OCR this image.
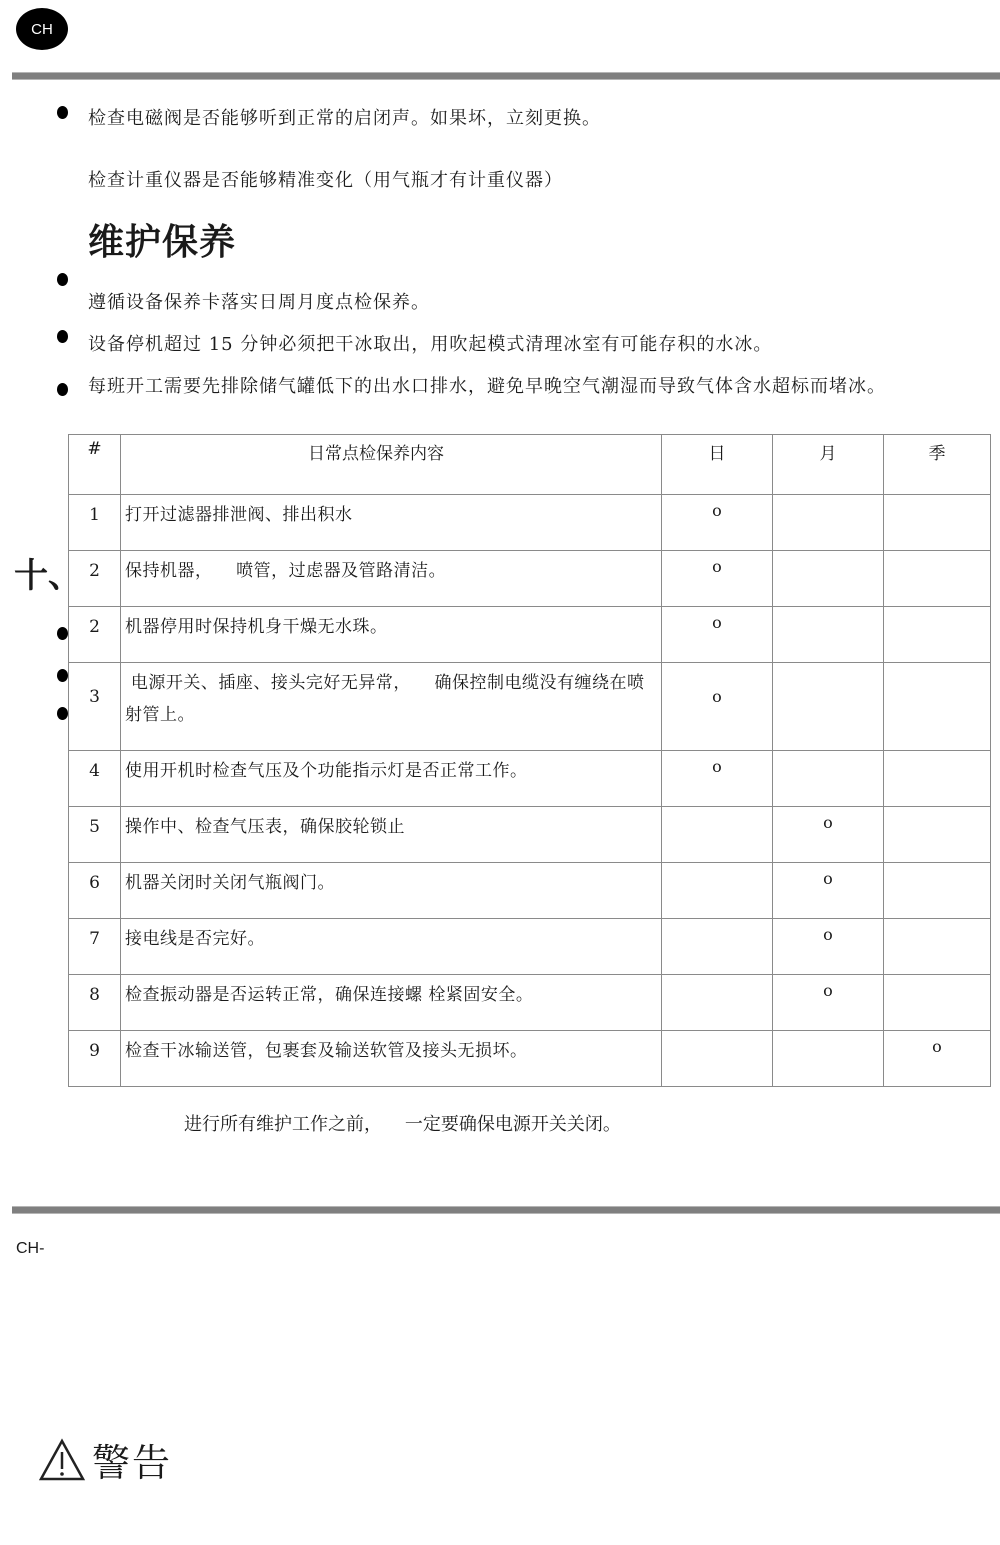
CH
检查电磁阀是否能够听到正常的启闭声。如果坏，立刻更换。
检查计重仪器是否能够精准变化（用气瓶才有计重仪器）
维护保养
遵循设备保养卡落实日周月度点检保养。
设备停机超过 15 分钟必须把干冰取出，用吹起模式清理冰室有可能存积的水冰。
每班开工需要先排除储气罐低下的出水口排水，避免早晚空气潮湿而导致气体含水超标而堵冰。
#	日常点检保养内容	日	月	季

1	打开过滤器排泄阀、排出积水	o		

2	保持机器，    喷管，过虑器及管路清洁。	o		

2	机器停用时保持机身干燥无水珠。	o		

3	电源开关、插座、接头完好无异常，    确保控制电缆没有缠绕在喷射管上。	o		

4	使用开机时检查气压及个功能指示灯是否正常工作。	o		

5	操作中、检查气压表，确保胶轮锁止		o	

6	机器关闭时关闭气瓶阀门。		o	

7	接电线是否完好。		o	

8	检查振动器是否运转正常，确保连接螺 栓紧固安全。		o	

9	检查干冰输送管，包裹套及输送软管及接头无损坏。			o
十、
进行所有维护工作之前，    一定要确保电源开关关闭。
CH-
警告
